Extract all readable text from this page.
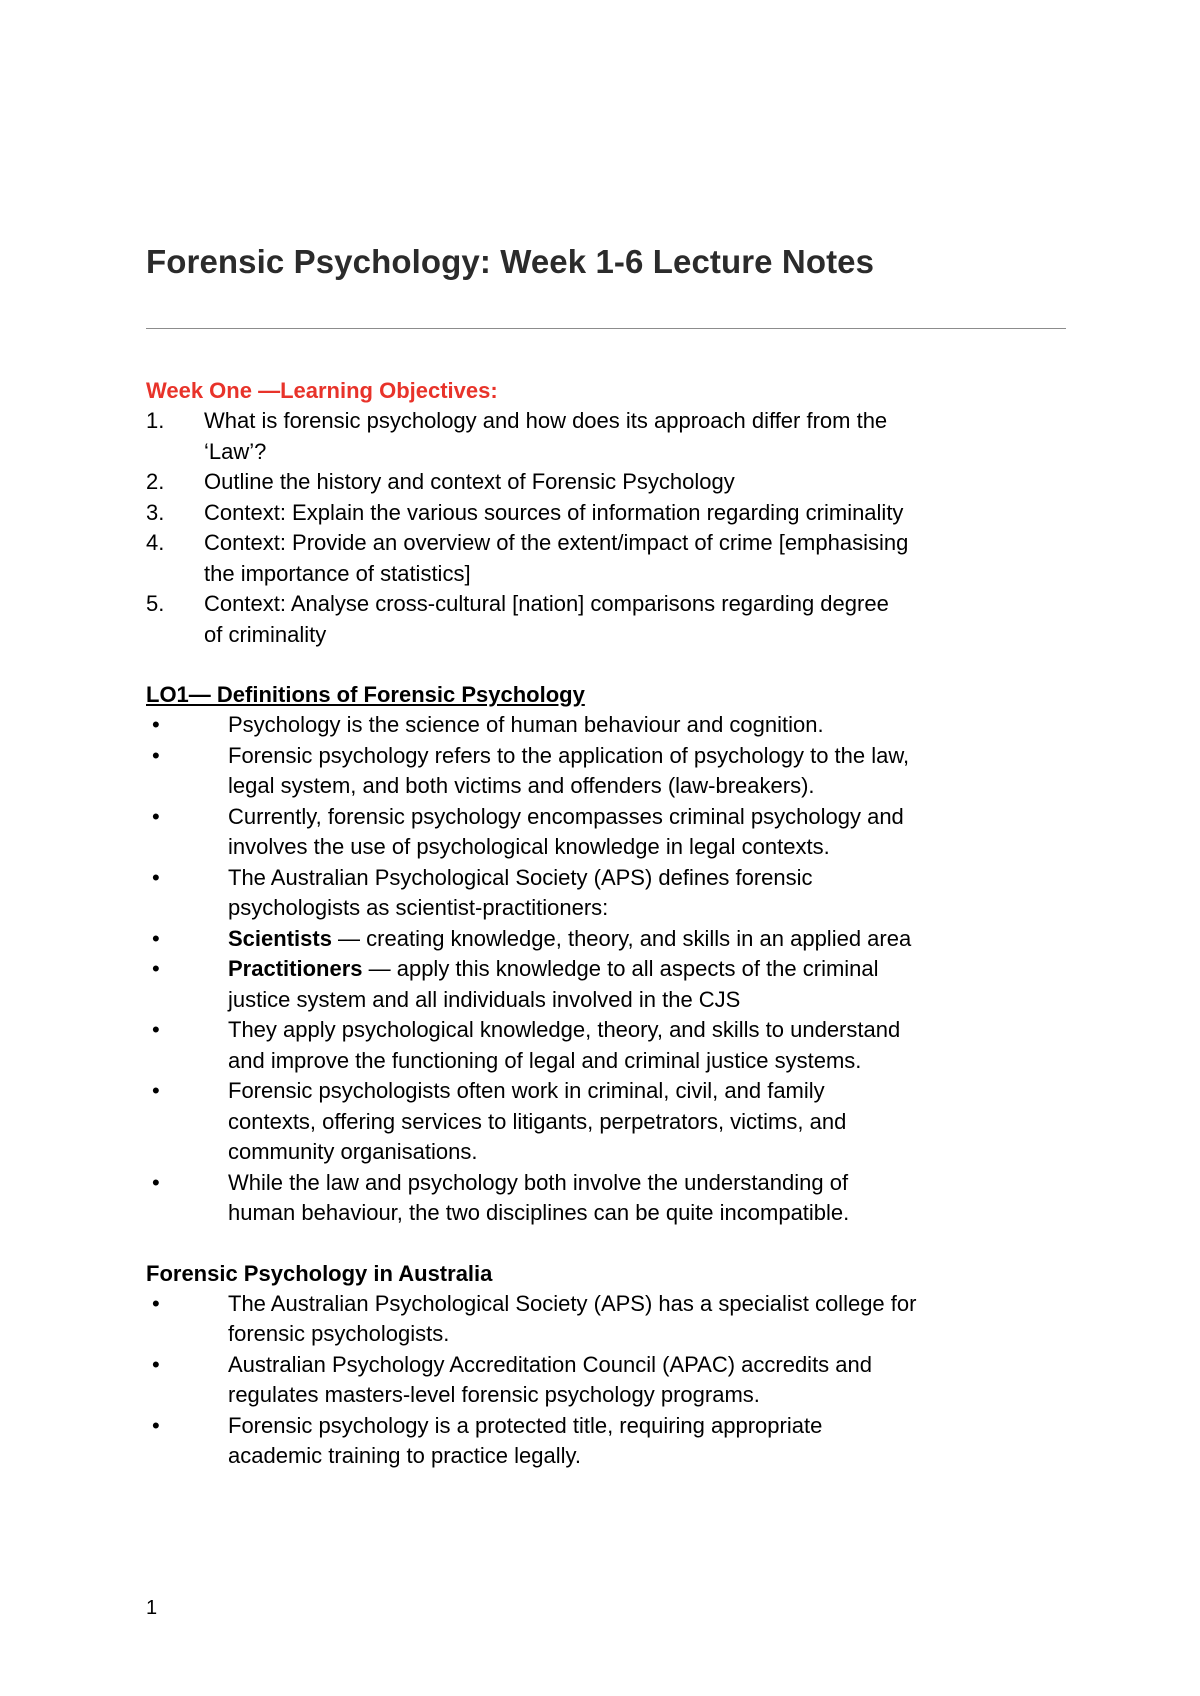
Forensic Psychology: Week 1-6 Lecture Notes
Week One —Learning Objectives:
1. What is forensic psychology and how does its approach differ from the
‘Law’?
2. Outline the history and context of Forensic Psychology
3. Context: Explain the various sources of information regarding criminality
4. Context: Provide an overview of the extent/impact of crime [emphasising
the importance of statistics]
5. Context: Analyse cross-cultural [nation] comparisons regarding degree
of criminality
LO1— Definitions of Forensic Psychology
•	Psychology is the science of human behaviour and cognition.
•	Forensic psychology refers to the application of psychology to the law,
legal system, and both victims and offenders (law-breakers).
•	Currently, forensic psychology encompasses criminal psychology and
involves the use of psychological knowledge in legal contexts.
•	The Australian Psychological Society (APS) defines forensic
psychologists as scientist-practitioners:
•	Scientists — creating knowledge, theory, and skills in an applied area
•	Practitioners — apply this knowledge to all aspects of the criminal
justice system and all individuals involved in the CJS
•	They apply psychological knowledge, theory, and skills to understand
and improve the functioning of legal and criminal justice systems.
•	Forensic psychologists often work in criminal, civil, and family
contexts, offering services to litigants, perpetrators, victims, and
community organisations.
•	While the law and psychology both involve the understanding of
human behaviour, the two disciplines can be quite incompatible.
Forensic Psychology in Australia
•	The Australian Psychological Society (APS) has a specialist college for
forensic psychologists.
•	Australian Psychology Accreditation Council (APAC) accredits and
regulates masters-level forensic psychology programs.
•	Forensic psychology is a protected title, requiring appropriate
academic training to practice legally.
1
